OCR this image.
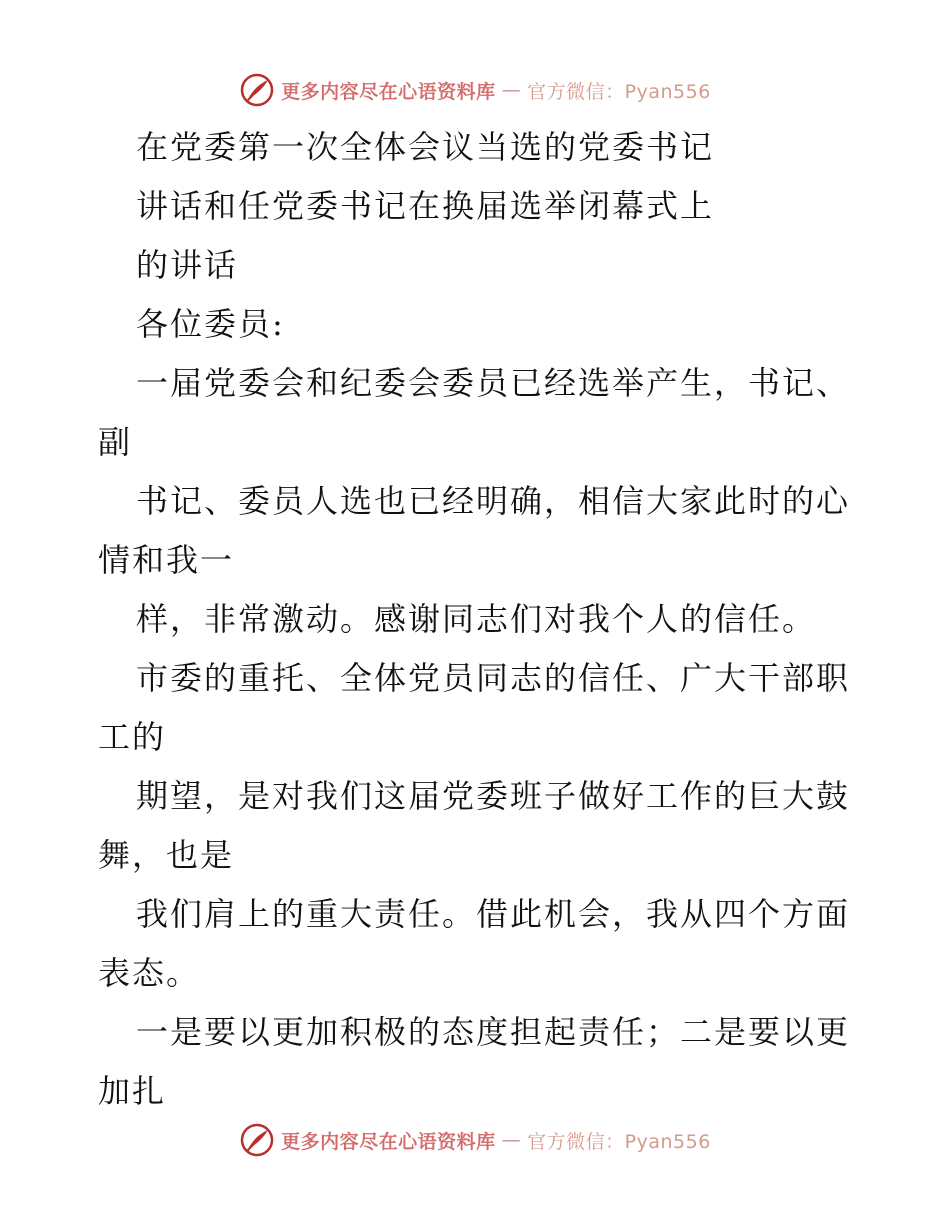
更多内容尽在心语资料库 — 官方微信：Pyan556
在党委第一次全体会议当选的党委书记
讲话和任党委书记在换届选举闭幕式上
的讲话
各位委员:
一届党委会和纪委会委员已经选举产生，书记、
副
书记、委员人选也已经明确，相信大家此时的心
情和我一
样，非常激动。感谢同志们对我个人的信任。
市委的重托、全体党员同志的信任、广大干部职
工的
期望，是对我们这届党委班子做好工作的巨大鼓
舞，也是
我们肩上的重大责任。借此机会，我从四个方面
表态。
一是要以更加积极的态度担起责任；二是要以更
加扎
更多内容尽在心语资料库 — 官方微信：Pyan556
